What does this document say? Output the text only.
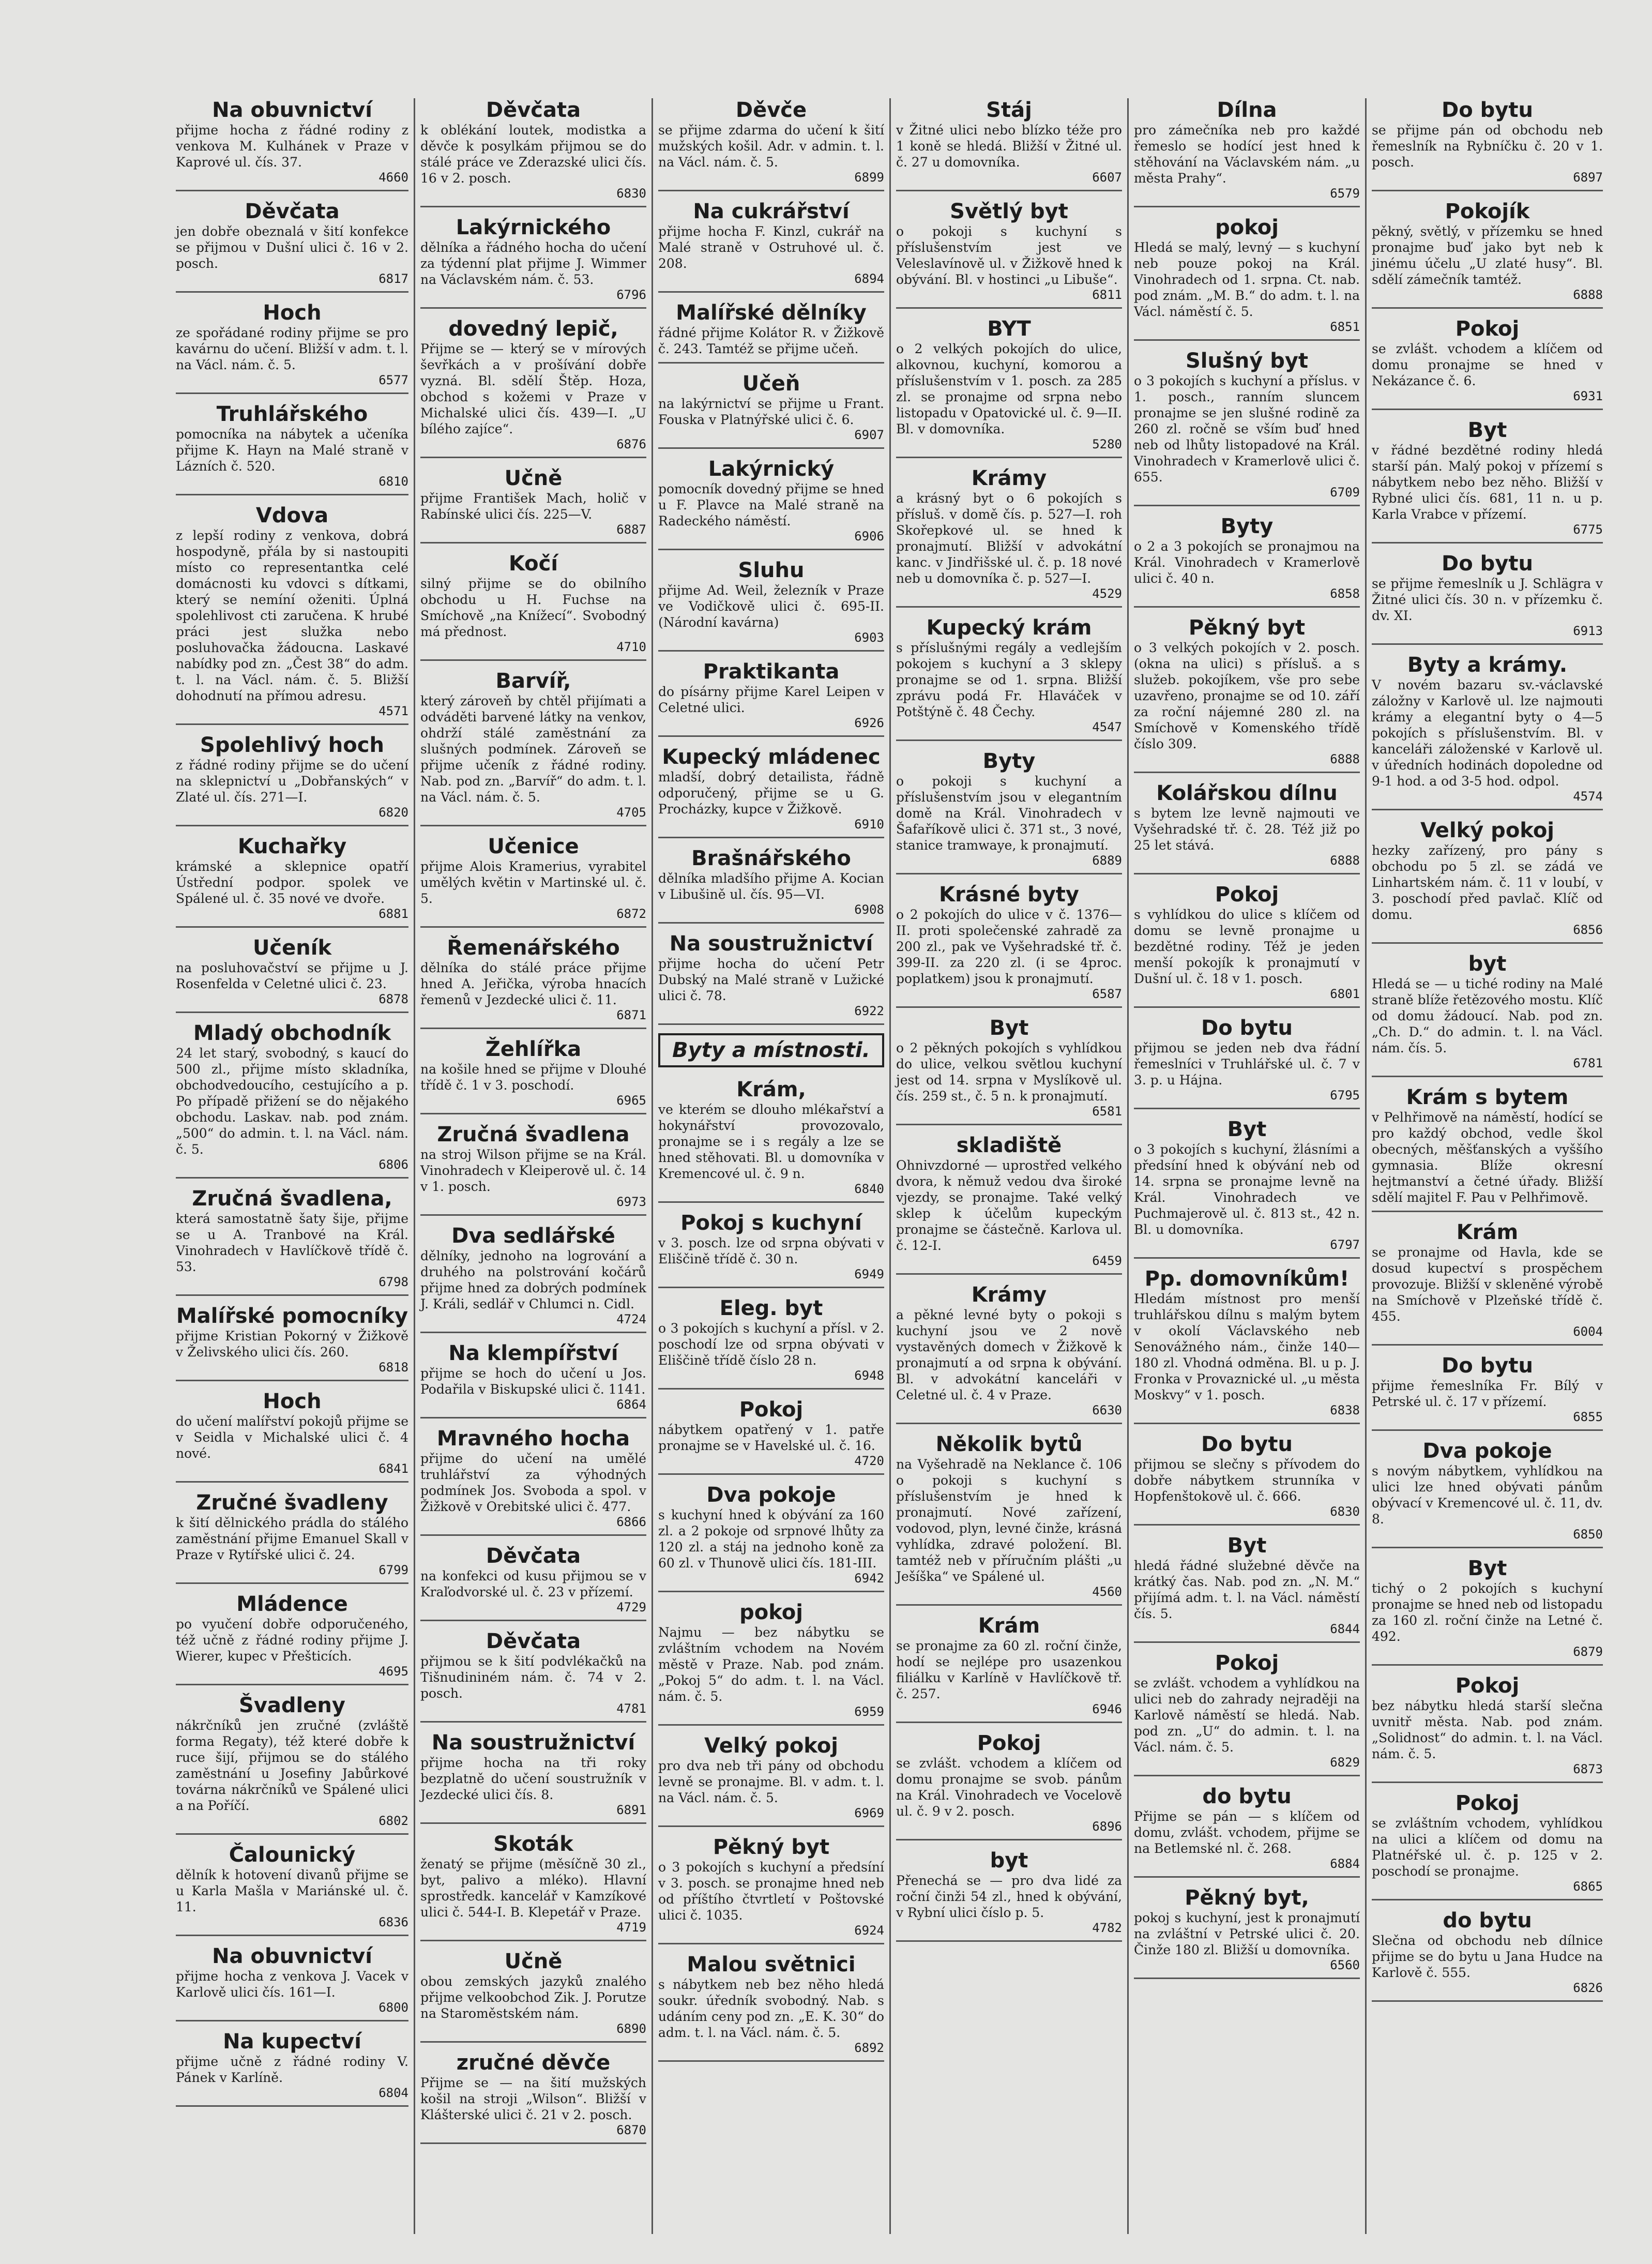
Na obuvnictví

přijme hocha z řádné rodiny z venkova M. Kulhánek v Praze v Kaprové ul. čís. 37.

4660

Děvčata

jen dobře obeznalá v šití konfekce se přijmou v Dušní ulici č. 16 v 2. posch.

6817

Hoch

ze spořádané rodiny přijme se pro kavárnu do učení. Bližší v adm. t. l. na Václ. nám. č. 5.

6577

Truhlářského

pomocníka na nábytek a učeníka přijme K. Hayn na Malé straně v Lázních č. 520.

6810

Vdova

z lepší rodiny z venkova, dobrá hospodyně, přála by si nastoupiti místo co representantka celé domácnosti ku vdovci s dítkami, který se nemíní oženiti. Úplná spolehlivost cti zaručena. K hrubé práci jest služka nebo posluhovačka žádoucna. Laskavé nabídky pod zn. „Čest 38“ do adm. t. l. na Václ. nám. č. 5. Bližší dohodnutí na přímou adresu.

4571

Spolehlivý hoch

z řádné rodiny přijme se do učení na sklepnictví u „Dobřanských“ v Zlaté ul. čís. 271—I.

6820

Kuchařky

krámské a sklepnice opatří Ústřední podpor. spolek ve Spálené ul. č. 35 nové ve dvoře.

6881

Učeník

na posluhovačství se přijme u J. Rosenfelda v Celetné ulici č. 23.

6878

Mladý obchodník

24 let starý, svobodný, s kaucí do 500 zl., přijme místo skladníka, obchodvedoucího, cestujícího a p. Po případě přižení se do nějakého obchodu. Laskav. nab. pod znám. „500“ do admin. t. l. na Václ. nám. č. 5.

6806

Zručná švadlena,

která samostatně šaty šije, přijme se u A. Tranbové na Král. Vinohradech v Havlíčkově třídě č. 53.

6798

Malířské pomocníky

přijme Kristian Pokorný v Žižkově v Želivského ulici čís. 260.

6818

Hoch

do učení malířství pokojů přijme se v Seidla v Michalské ulici č. 4 nové.

6841

Zručné švadleny

k šití dělnického prádla do stálého zaměstnání přijme Emanuel Skall v Praze v Rytířské ulici č. 24.

6799

Mládence

po vyučení dobře odporučeného, též učně z řádné rodiny přijme J. Wierer, kupec v Přešticích.

4695

Švadleny

nákrčníků jen zručné (zvláště forma Regaty), též které dobře k ruce šijí, přijmou se do stálého zaměstnání u Josefiny Jabůrkové továrna nákrčníků ve Spálené ulici a na Poříčí.

6802

Čalounický

dělník k hotovení divanů přijme se u Karla Mašla v Mariánské ul. č. 11.

6836

Na obuvnictví

přijme hocha z venkova J. Vacek v Karlově ulici čís. 161—I.

6800

Na kupectví

přijme učně z řádné rodiny V. Pánek v Karlíně.

6804

Děvčata

k oblékání loutek, modistka a děvče k posylkám přijmou se do stálé práce ve Zderazské ulici čís. 16 v 2. posch.

6830

Lakýrnického

dělníka a řádného hocha do učení za týdenní plat přijme J. Wimmer na Václavském nám. č. 53.

6796

dovedný lepič,

Přijme se — který se v mírových ševřkách a v prošívání dobře vyzná. Bl. sdělí Štěp. Hoza, obchod s kožemi v Praze v Michalské ulici čís. 439—I. „U bílého zajíce“.

6876

Učně

přijme František Mach, holič v Rabínské ulici čís. 225—V.

6887

Kočí

silný přijme se do obilního obchodu u H. Fuchse na Smíchově „na Knížecí“. Svobodný má přednost.

4710

Barvíř,

který zároveň by chtěl přijímati a odváděti barvené látky na venkov, ohdrží stálé zaměstnání za slušných podmínek. Zároveň se přijme učeník z řádné rodiny. Nab. pod zn. „Barvíř“ do adm. t. l. na Václ. nám. č. 5.

4705

Učenice

přijme Alois Kramerius, vyrabitel umělých květin v Martinské ul. č. 5.

6872

Řemenářského

dělníka do stálé práce přijme hned A. Jeřička, výroba hnacích řemenů v Jezdecké ulici č. 11.

6871

Žehlířka

na košile hned se přijme v Dlouhé třídě č. 1 v 3. poschodí.

6965

Zručná švadlena

na stroj Wilson přijme se na Král. Vinohradech v Kleiperově ul. č. 14 v 1. posch.

6973

Dva sedlářské

dělníky, jednoho na logrování a druhého na polstrování kočárů přijme hned za dobrých podmínek J. Králi, sedlář v Chlumci n. Cidl.

4724

Na klempířství

přijme se hoch do učení u Jos. Podařila v Biskupské ulici č. 1141.

6864

Mravného hocha

přijme do učení na umělé truhlářství za výhodných podmínek Jos. Svoboda a spol. v Žižkově v Orebitské ulici č. 477.

6866

Děvčata

na konfekci od kusu přijmou se v Kraľodvorské ul. č. 23 v přízemí.

4729

Děvčata

přijmou se k šití podvlékačků na Tišnudininém nám. č. 74 v 2. posch.

4781

Na soustružnictví

přijme hocha na tři roky bezplatně do učení soustružník v Jezdecké ulici čís. 8.

6891

Skoták

ženatý se přijme (měsíčně 30 zl., byt, palivo a mléko). Hlavní sprostředk. kancelář v Kamzíkové ulici č. 544-I. B. Klepetář v Praze.

4719

Učně

obou zemských jazyků znalého přijme velkoobchod Zik. J. Porutze na Staroměstském nám.

6890

zručné děvče

Přijme se — na šití mužských košil na stroji „Wilson“. Bližší v Klášterské ulici č. 21 v 2. posch.

6870

Děvče

se přijme zdarma do učení k šití mužských košil. Adr. v admin. t. l. na Václ. nám. č. 5.

6899

Na cukrářství

přijme hocha F. Kinzl, cukrář na Malé straně v Ostruhové ul. č. 208.

6894

Malířské dělníky

řádné přijme Kolátor R. v Žižkově č. 243. Tamtéž se přijme učeň.

Učeň

na lakýrnictví se přijme u Frant. Fouska v Platnýřské ulici č. 6.

6907

Lakýrnický

pomocník dovedný přijme se hned u F. Plavce na Malé straně na Radeckého náměstí.

6906

Sluhu

přijme Ad. Weil, železník v Praze ve Vodičkově ulici č. 695-II. (Národní kavárna)

6903

Praktikanta

do písárny přijme Karel Leipen v Celetné ulici.

6926

Kupecký mládenec

mladší, dobrý detailista, řádně odporučený, přijme se u G. Procházky, kupce v Žižkově.

6910

Brašnářského

dělníka mladšího přijme A. Kocian v Libušině ul. čís. 95—VI.

6908

Na soustružnictví

přijme hocha do učení Petr Dubský na Malé straně v Lužické ulici č. 78.

6922

Byty a místnosti.
Krám,

ve kterém se dlouho mlékařství a hokynářství provozovalo, pronajme se i s regály a lze se hned stěhovati. Bl. u domovníka v Kremencové ul. č. 9 n.

6840

Pokoj s kuchyní

v 3. posch. lze od srpna obývati v Eliščině třídě č. 30 n.

6949

Eleg. byt

o 3 pokojích s kuchyní a přísl. v 2. poschodí lze od srpna obývati v Eliščině třídě číslo 28 n.

6948

Pokoj

nábytkem opatřený v 1. patře pronajme se v Havelské ul. č. 16.

4720

Dva pokoje

s kuchyní hned k obývání za 160 zl. a 2 pokoje od srpnové lhůty za 120 zl. a stáj na jednoho koně za 60 zl. v Thunově ulici čís. 181-III.

6942

pokoj

Najmu — bez nábytku se zvláštním vchodem na Novém městě v Praze. Nab. pod znám. „Pokoj 5“ do adm. t. l. na Václ. nám. č. 5.

6959

Velký pokoj

pro dva neb tři pány od obchodu levně se pronajme. Bl. v adm. t. l. na Václ. nám. č. 5.

6969

Pěkný byt

o 3 pokojích s kuchyní a předsíní v 3. posch. se pronajme hned neb od příštího čtvrtletí v Poštovské ulici č. 1035.

6924

Malou světnici

s nábytkem neb bez něho hledá soukr. úředník svobodný. Nab. s udáním ceny pod zn. „E. K. 30“ do adm. t. l. na Václ. nám. č. 5.

6892

Stáj

v Žitné ulici nebo blízko téže pro 1 koně se hledá. Bližší v Žitné ul. č. 27 u domovníka.

6607

Světlý byt

o pokoji s kuchyní s příslušenstvím jest ve Veleslavínově ul. v Žižkově hned k obývání. Bl. v hostinci „u Libuše“.

6811

BYT

o 2 velkých pokojích do ulice, alkovnou, kuchyní, komorou a příslušenstvím v 1. posch. za 285 zl. se pronajme od srpna nebo listopadu v Opatovické ul. č. 9—II. Bl. v domovníka.

5280

Krámy

a krásný byt o 6 pokojích s přísluš. v domě čís. p. 527—I. roh Skořepkové ul. se hned k pronajmutí. Bližší v advokátní kanc. v Jindřišské ul. č. p. 18 nové neb u domovníka č. p. 527—I.

4529

Kupecký krám

s příslušnými regály a vedlejším pokojem s kuchyní a 3 sklepy pronajme se od 1. srpna. Bližší zprávu podá Fr. Hlaváček v Potštýně č. 48 Čechy.

4547

Byty

o pokoji s kuchyní a příslušenstvím jsou v elegantním domě na Král. Vinohradech v Šafaříkově ulici č. 371 st., 3 nové, stanice tramwaye, k pronajmutí.

6889

Krásné byty

o 2 pokojích do ulice v č. 1376—II. proti společenské zahradě za 200 zl., pak ve Vyšehradské tř. č. 399-II. za 220 zl. (i se 4proc. poplatkem) jsou k pronajmutí.

6587

Byt

o 2 pěkných pokojích s vyhlídkou do ulice, velkou světlou kuchyní jest od 14. srpna v Myslíkově ul. čís. 259 st., č. 5 n. k pronajmutí.

6581

skladiště

Ohnivzdorné — uprostřed velkého dvora, k němuž vedou dva široké vjezdy, se pronajme. Také velký sklep k účelům kupeckým pronajme se částečně. Karlova ul. č. 12-I.

6459

Krámy

a pěkné levné byty o pokoji s kuchyní jsou ve 2 nově vystavěných domech v Žižkově k pronajmutí a od srpna k obývání. Bl. v advokátní kanceláři v Celetné ul. č. 4 v Praze.

6630

Několik bytů

na Vyšehradě na Neklance č. 106 o pokoji s kuchyní s příslušenstvím je hned k pronajmutí. Nové zařízení, vodovod, plyn, levné činže, krásná vyhlídka, zdravé položení. Bl. tamtéž neb v příručním plášti „u Ješíška“ ve Spálené ul.

4560

Krám

se pronajme za 60 zl. roční činže, hodí se nejlépe pro usazenkou filiálku v Karlíně v Havlíčkově tř. č. 257.

6946

Pokoj

se zvlášt. vchodem a klíčem od domu pronajme se svob. pánům na Král. Vinohradech ve Vocelově ul. č. 9 v 2. posch.

6896

byt

Přenechá se — pro dva lidé za roční činži 54 zl., hned k obývání, v Rybní ulici číslo p. 5.

4782

Dílna

pro zámečníka neb pro každé řemeslo se hodící jest hned k stěhování na Václavském nám. „u města Prahy“.

6579

pokoj

Hledá se malý, levný — s kuchyní neb pouze pokoj na Král. Vinohradech od 1. srpna. Ct. nab. pod znám. „M. B.“ do adm. t. l. na Václ. náměstí č. 5.

6851

Slušný byt

o 3 pokojích s kuchyní a příslus. v 1. posch., ranním sluncem pronajme se jen slušné rodině za 260 zl. ročně se vším buď hned neb od lhůty listopadové na Král. Vinohradech v Kramerlově ulici č. 655.

6709

Byty

o 2 a 3 pokojích se pronajmou na Král. Vinohradech v Kramerlově ulici č. 40 n.

6858

Pěkný byt

o 3 velkých pokojích v 2. posch. (okna na ulici) s přísluš. a s služeb. pokojíkem, vše pro sebe uzavřeno, pronajme se od 10. září za roční nájemné 280 zl. na Smíchově v Komenského třídě číslo 309.

6888

Kolářskou dílnu

s bytem lze levně najmouti ve Vyšehradské tř. č. 28. Též již po 25 let stává.

6888

Pokoj

s vyhlídkou do ulice s klíčem od domu se levně pronajme u bezdětné rodiny. Též je jeden menší pokojík k pronajmutí v Dušní ul. č. 18 v 1. posch.

6801

Do bytu

přijmou se jeden neb dva řádní řemeslníci v Truhlářské ul. č. 7 v 3. p. u Hájna.

6795

Byt

o 3 pokojích s kuchyní, žlásními a předsíní hned k obývání neb od 14. srpna se pronajme levně na Král. Vinohradech ve Puchmajerově ul. č. 813 st., 42 n. Bl. u domovníka.

6797

Pp. domovníkům!

Hledám místnost pro menší truhlářskou dílnu s malým bytem v okolí Václavského neb Senovážného nám., činže 140—180 zl. Vhodná odměna. Bl. u p. J. Fronka v Provaznické ul. „u města Moskvy“ v 1. posch.

6838

Do bytu

přijmou se slečny s přívodem do dobře nábytkem strunníka v Hopfenštokově ul. č. 666.

6830

Byt

hledá řádné služebné děvče na krátký čas. Nab. pod zn. „N. M.“ přijímá adm. t. l. na Václ. náměstí čís. 5.

6844

Pokoj

se zvlášt. vchodem a vyhlídkou na ulici neb do zahrady nejraději na Karlově náměstí se hledá. Nab. pod zn. „U“ do admin. t. l. na Václ. nám. č. 5.

6829

do bytu

Přijme se pán — s klíčem od domu, zvlášt. vchodem, přijme se na Betlemské nl. č. 268.

6884

Pěkný byt,

pokoj s kuchyní, jest k pronajmutí na zvláštní v Petrské ulici č. 20. Činže 180 zl. Bližší u domovníka.

6560

Do bytu

se přijme pán od obchodu neb řemeslník na Rybníčku č. 20 v 1. posch.

6897

Pokojík

pěkný, světlý, v přízemku se hned pronajme buď jako byt neb k jinému účelu „U zlaté husy“. Bl. sdělí zámečník tamtéž.

6888

Pokoj

se zvlášt. vchodem a klíčem od domu pronajme se hned v Nekázance č. 6.

6931

Byt

v řádné bezdětné rodiny hledá starší pán. Malý pokoj v přízemí s nábytkem nebo bez něho. Bližší v Rybné ulici čís. 681, 11 n. u p. Karla Vrabce v přízemí.

6775

Do bytu

se přijme řemeslník u J. Schlägra v Žitné ulici čís. 30 n. v přízemku č. dv. XI.

6913

Byty a krámy.

V novém bazaru sv.-václavské záložny v Karlově ul. lze najmouti krámy a elegantní byty o 4—5 pokojích s příslušenstvím. Bl. v kanceláři záloženské v Karlově ul. v úředních hodinách dopoledne od 9-1 hod. a od 3-5 hod. odpol.

4574

Velký pokoj

hezky zařízený, pro pány s obchodu po 5 zl. se zádá ve Linhartském nám. č. 11 v loubí, v 3. poschodí před pavlač. Klíč od domu.

6856

byt

Hledá se — u tiché rodiny na Malé straně blíže řetězového mostu. Klíč od domu žádoucí. Nab. pod zn. „Ch. D.“ do admin. t. l. na Václ. nám. čís. 5.

6781

Krám s bytem

v Pelhřimově na náměstí, hodící se pro každý obchod, vedle škol obecných, měšťanských a vyššího gymnasia. Blíže okresní hejtmanství a četné úřady. Bližší sdělí majitel F. Pau v Pelhřimově.

Krám

se pronajme od Havla, kde se dosud kupectví s prospěchem provozuje. Bližší v skleněné výrobě na Smíchově v Plzeňské třídě č. 455.

6004

Do bytu

přijme řemeslníka Fr. Bílý v Petrské ul. č. 17 v přízemí.

6855

Dva pokoje

s novým nábytkem, vyhlídkou na ulici lze hned obývati pánům obývací v Kremencové ul. č. 11, dv. 8.

6850

Byt

tichý o 2 pokojích s kuchyní pronajme se hned neb od listopadu za 160 zl. roční činže na Letné č. 492.

6879

Pokoj

bez nábytku hledá starší slečna uvnitř města. Nab. pod znám. „Solidnost“ do admin. t. l. na Václ. nám. č. 5.

6873

Pokoj

se zvláštním vchodem, vyhlídkou na ulici a klíčem od domu na Platnéřské ul. č. p. 125 v 2. poschodí se pronajme.

6865

do bytu

Slečna od obchodu neb dílnice přijme se do bytu u Jana Hudce na Karlově č. 555.

6826
